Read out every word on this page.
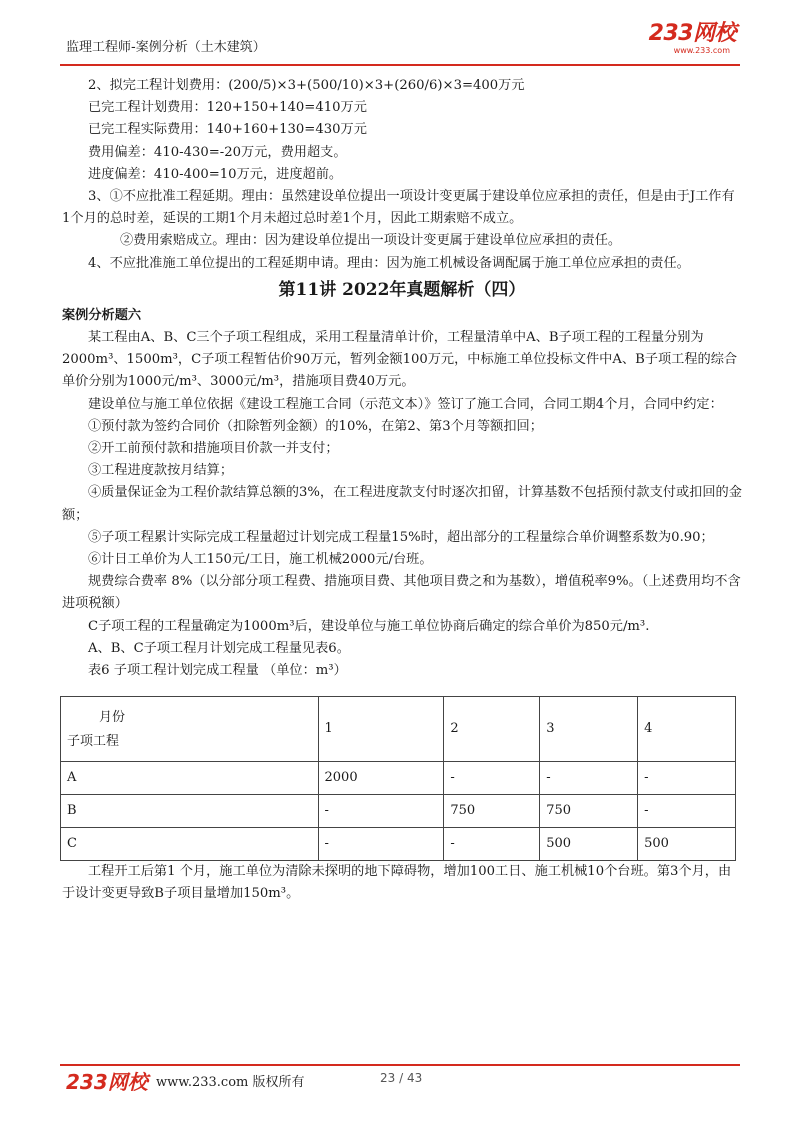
监理工程师-案例分析（土木建筑）
233网校
www.233.com

2、拟完工程计划费用：(200/5)×3+(500/10)×3+(260/6)×3=400万元

已完工程计划费用：120+150+140=410万元

已完工程实际费用：140+160+130=430万元

费用偏差：410-430=-20万元，费用超支。

进度偏差：410-400=10万元，进度超前。

3、①不应批准工程延期。理由：虽然建设单位提出一项设计变更属于建设单位应承担的责任，但是由于J工作有1个月的总时差，延误的工期1个月未超过总时差1个月，因此工期索赔不成立。

②费用索赔成立。理由：因为建设单位提出一项设计变更属于建设单位应承担的责任。

4、不应批准施工单位提出的工程延期申请。理由：因为施工机械设备调配属于施工单位应承担的责任。

第11讲 2022年真题解析（四）

案例分析题六

某工程由A、B、C三个子项工程组成，采用工程量清单计价，工程量清单中A、B子项工程的工程量分别为2000m³、1500m³，C子项工程暂估价90万元，暂列金额100万元，中标施工单位投标文件中A、B子项工程的综合单价分别为1000元/m³、3000元/m³，措施项目费40万元。

建设单位与施工单位依据《建设工程施工合同（示范文本）》签订了施工合同，合同工期4个月，合同中约定：

①预付款为签约合同价（扣除暂列金额）的10%，在第2、第3个月等额扣回；

②开工前预付款和措施项目价款一并支付；

③工程进度款按月结算；

④质量保证金为工程价款结算总额的3%，在工程进度款支付时逐次扣留，计算基数不包括预付款支付或扣回的金额；

⑤子项工程累计实际完成工程量超过计划完成工程量15%时，超出部分的工程量综合单价调整系数为0.90；

⑥计日工单价为人工150元/工日，施工机械2000元/台班。

规费综合费率 8%（以分部分项工程费、措施项目费、其他项目费之和为基数），增值税率9%。（上述费用均不含进项税额）

C子项工程的工程量确定为1000m³后，建设单位与施工单位协商后确定的综合单价为850元/m³.

A、B、C子项工程月计划完成工程量见表6。

表6 子项工程计划完成工程量 （单位：m³）

月份
子项工程	1	2	3	4
A	2000	-	-	-
B	-	750	750	-
C	-	-	500	500

工程开工后第1 个月，施工单位为清除未探明的地下障碍物，增加100工日、施工机械10个台班。第3个月，由于设计变更导致B子项目量增加150m³。

233网校 www.233.com 版权所有	23 / 43
